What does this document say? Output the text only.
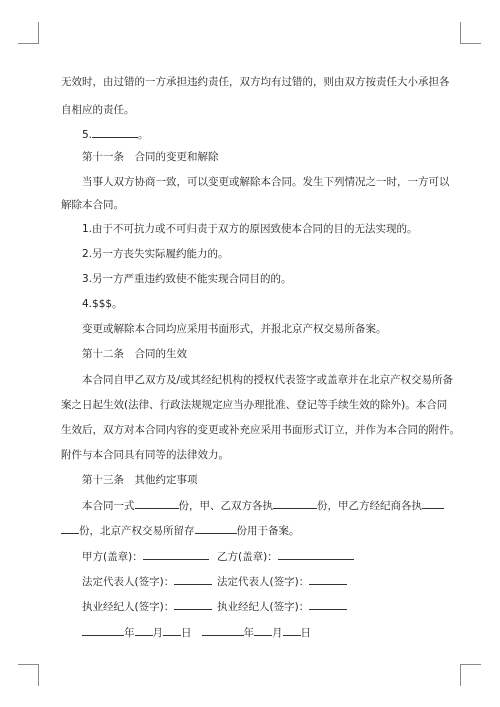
无效时，由过错的一方承担违约责任，双方均有过错的，则由双方按责任大小承担各
自相应的责任。
5.	。
第十一条　合同的变更和解除
当事人双方协商一致，可以变更或解除本合同。发生下列情况之一时，一方可以
解除本合同。
1.由于不可抗力或不可归责于双方的原因致使本合同的目的无法实现的。
2.另一方丧失实际履约能力的。
3.另一方严重违约致使不能实现合同目的的。
4.$$$。
变更或解除本合同均应采用书面形式，并报北京产权交易所备案。
第十二条　合同的生效
本合同自甲乙双方及/或其经纪机构的授权代表签字或盖章并在北京产权交易所备
案之日起生效(法律、行政法规规定应当办理批准、登记等手续生效的除外)。本合同
生效后，双方对本合同内容的变更或补充应采用书面形式订立，并作为本合同的附件。
附件与本合同具有同等的法律效力。
第十三条　其他约定事项
本合同一式	份，甲、乙双方各执	份，甲乙方经纪商各执
份，北京产权交易所留存	份用于备案。
甲方(盖章)：	乙方(盖章)：
法定代表人(签字)：	法定代表人(签字)：
执业经纪人(签字)：	执业经纪人(签字)：
年 月 日	年 月 日
